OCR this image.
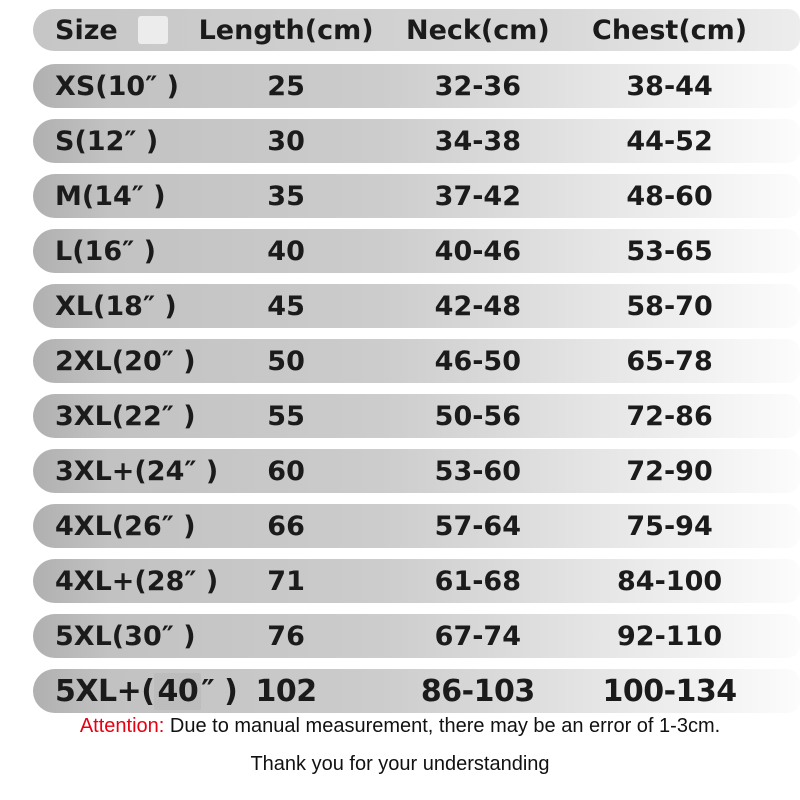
Size	Length(cm)	Neck(cm)	Chest(cm)
XS( 10 ″ )	25	32-36	38-44
S( 12 ″ )	30	34-38	44-52
M( 14 ″ )	35	37-42	48-60
L( 16 ″ )	40	40-46	53-65
XL( 18 ″ )	45	42-48	58-70
2XL( 20 ″ )	50	46-50	65-78
3XL( 22 ″ )	55	50-56	72-86
3XL+( 24 ″ )	60	53-60	72-90
4XL( 26 ″ )	66	57-64	75-94
4XL+( 28 ″ )	71	61-68	84-100
5XL( 30 ″ )	76	67-74	92-110
5XL+( 40 ″ ) 102	86-103	100-134
Attention: Due to manual measurement, there may be an error of 1-3cm.
Thank you for your understanding
